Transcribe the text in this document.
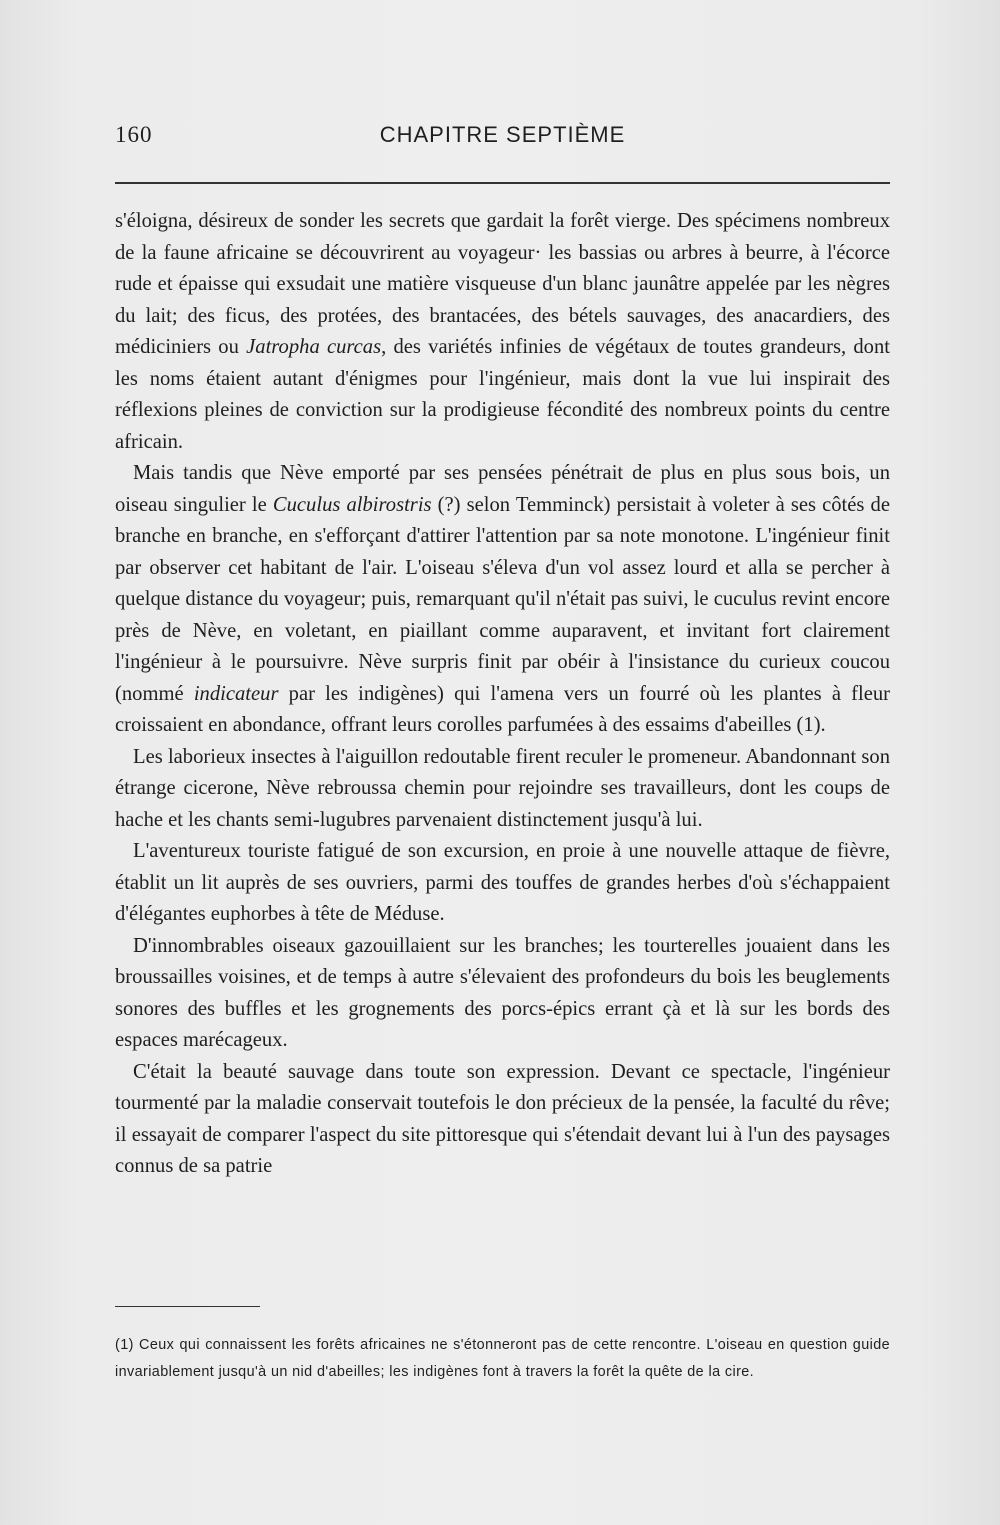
160	CHAPITRE SEPTIÈME

s'éloigna, désireux de sonder les secrets que gardait la forêt vierge. Des spécimens nombreux de la faune africaine se découvrirent au voyageur· les bassias ou arbres à beurre, à l'écorce rude et épaisse qui exsudait une matière visqueuse d'un blanc jaunâtre appelée par les nègres du lait; des ficus, des protées, des brantacées, des bétels sauvages, des anacardiers, des médiciniers ou Jatropha curcas, des variétés infinies de végétaux de toutes grandeurs, dont les noms étaient autant d'énigmes pour l'ingénieur, mais dont la vue lui inspirait des réflexions pleines de conviction sur la prodigieuse fécondité des nombreux points du centre africain.

Mais tandis que Nève emporté par ses pensées pénétrait de plus en plus sous bois, un oiseau singulier le Cuculus albirostris (?) selon Temminck) persistait à voleter à ses côtés de branche en branche, en s'efforçant d'attirer l'attention par sa note monotone. L'ingénieur finit par observer cet habitant de l'air. L'oiseau s'éleva d'un vol assez lourd et alla se percher à quelque distance du voyageur; puis, remarquant qu'il n'était pas suivi, le cuculus revint encore près de Nève, en voletant, en piaillant comme auparavent, et invitant fort clairement l'ingénieur à le poursuivre. Nève surpris finit par obéir à l'insistance du curieux coucou (nommé indicateur par les indigènes) qui l'amena vers un fourré où les plantes à fleur croissaient en abondance, offrant leurs corolles parfumées à des essaims d'abeilles (1).

Les laborieux insectes à l'aiguillon redoutable firent reculer le promeneur. Abandonnant son étrange cicerone, Nève rebroussa chemin pour rejoindre ses travailleurs, dont les coups de hache et les chants semi-lugubres parvenaient distinctement jusqu'à lui.

L'aventureux touriste fatigué de son excursion, en proie à une nouvelle attaque de fièvre, établit un lit auprès de ses ouvriers, parmi des touffes de grandes herbes d'où s'échappaient d'élégantes euphorbes à tête de Méduse.

D'innombrables oiseaux gazouillaient sur les branches; les tourterelles jouaient dans les broussailles voisines, et de temps à autre s'élevaient des profondeurs du bois les beuglements sonores des buffles et les grognements des porcs-épics errant çà et là sur les bords des espaces marécageux.

C'était la beauté sauvage dans toute son expression. Devant ce spectacle, l'ingénieur tourmenté par la maladie conservait toutefois le don précieux de la pensée, la faculté du rêve; il essayait de comparer l'aspect du site pittoresque qui s'étendait devant lui à l'un des paysages connus de sa patrie

(1) Ceux qui connaissent les forêts africaines ne s'étonneront pas de cette rencontre. L'oiseau en question guide invariablement jusqu'à un nid d'abeilles; les indigènes font à travers la forêt la quête de la cire.
